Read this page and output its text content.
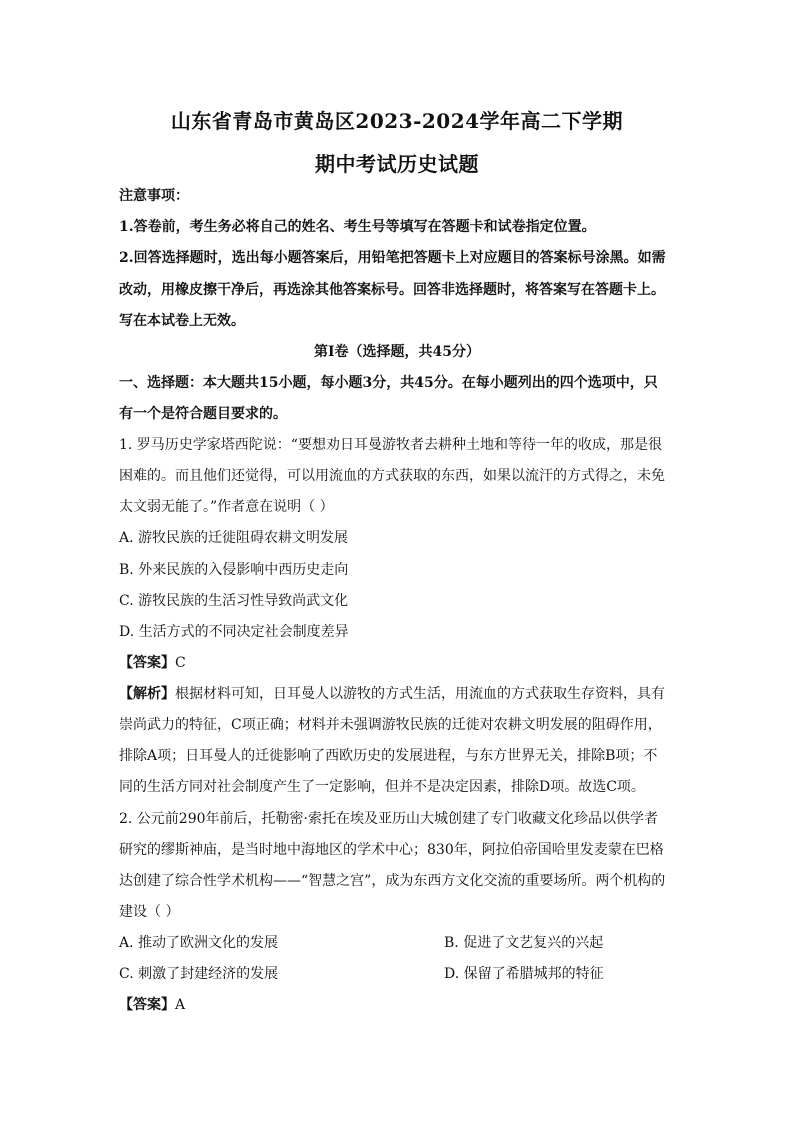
山东省青岛市黄岛区2023-2024学年高二下学期
期中考试历史试题
注意事项：
1.答卷前，考生务必将自己的姓名、考生号等填写在答题卡和试卷指定位置。
2.回答选择题时，选出每小题答案后，用铅笔把答题卡上对应题目的答案标号涂黑。如需
改动，用橡皮擦干净后，再选涂其他答案标号。回答非选择题时，将答案写在答题卡上。
写在本试卷上无效。
第Ⅰ卷（选择题，共45分）
一、选择题：本大题共15小题，每小题3分，共45分。在每小题列出的四个选项中，只
有一个是符合题目要求的。
1. 罗马历史学家塔西陀说：“要想劝日耳曼游牧者去耕种土地和等待一年的收成，那是很
困难的。而且他们还觉得，可以用流血的方式获取的东西，如果以流汗的方式得之，未免
太文弱无能了。”作者意在说明（ ）
A. 游牧民族的迁徙阻碍农耕文明发展
B. 外来民族的入侵影响中西历史走向
C. 游牧民族的生活习性导致尚武文化
D. 生活方式的不同决定社会制度差异
【答案】C
【解析】根据材料可知，日耳曼人以游牧的方式生活，用流血的方式获取生存资料，具有
崇尚武力的特征，C项正确；材料并未强调游牧民族的迁徙对农耕文明发展的阻碍作用，
排除A项；日耳曼人的迁徙影响了西欧历史的发展进程，与东方世界无关，排除B项；不
同的生活方同对社会制度产生了一定影响，但并不是决定因素，排除D项。故选C项。
2. 公元前290年前后，托勒密·索托在埃及亚历山大城创建了专门收藏文化珍品以供学者
研究的缪斯神庙，是当时地中海地区的学术中心；830年，阿拉伯帝国哈里发麦蒙在巴格
达创建了综合性学术机构——“智慧之宫”，成为东西方文化交流的重要场所。两个机构的
建设（ ）
A. 推动了欧洲文化的发展	B. 促进了文艺复兴的兴起
C. 刺激了封建经济的发展	D. 保留了希腊城邦的特征
【答案】A
